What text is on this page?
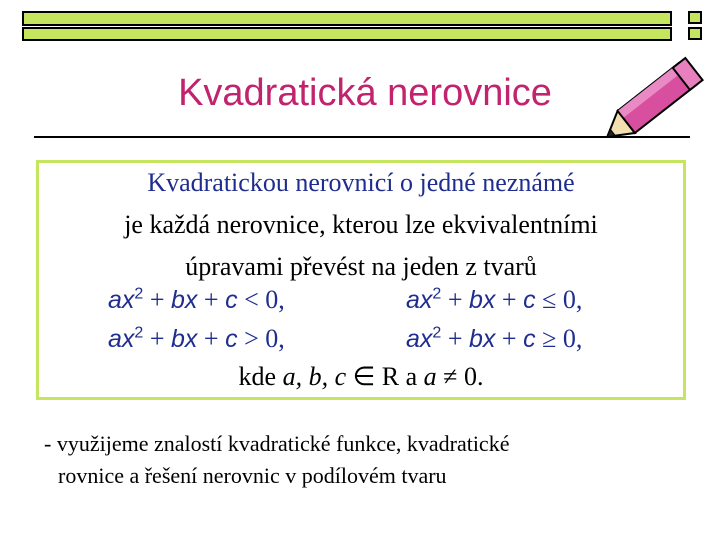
Kvadratická nerovnice
Kvadratickou nerovnicí o jedné neznámé
je každá nerovnice, kterou lze ekvivalentními
úpravami převést na jeden z tvarů
$ax^2$ + bx + c < 0,	$ax^2$ + bx + c ≤ 0,
$ax^2$ + bx + c > 0,	$ax^2$ + bx + c ≥ 0,
kde a, b, c ∈ R a a ≠ 0.
- využijeme znalostí kvadratické funkce, kvadratické
rovnice a řešení nerovnic v podílovém tvaru
